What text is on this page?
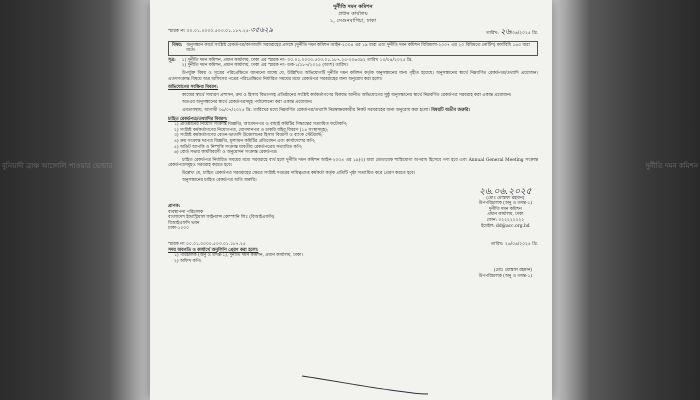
বুনিয়াদী ব্রাঞ্চ আঙ্গোলি পাওয়ার ভেন্ডার	দুর্নীতি দমন কমিশন
দুর্নীতি দমন কমিশন
প্রধান কার্যালয়
১, সেগুনবাগিচা, ঢাকা
স্মারক নং ০০.০১.০০০০.৫০৩.০১.১৮৭.২৫-৩৫৬২৯	তারিখ: ২৬/০৬/২০২৫ খ্রি.
বিষয়: অনুসন্ধান কার্যে সংশ্লিষ্ট রেকর্ডপত্র/কাগজাদি সরবরাহের প্রসঙ্গে (দুর্নীতি দমন কমিশন আইন-২০০৪ এর ১৯ ধারা এবং দুর্নীতি দমন কমিশন বিধিমালা-২০০৭ এর ২০ বিধিমতে নোটিশ) কার্যবিধি ১৬০ ধারা মতে।
সূত্র: ১) দুর্নীতি দমন কমিশন, প্রধান কার্যালয়, ঢাকা এর স্মারক নং- ০০.০১.০০০০.৫০৩.০১.১৮৭.২৫-২০৬৩৯২ তারিখ ১০/০৪/২০২৫ খ্রি.
২) দুর্নীতি দমন কমিশন, প্রধান কার্যালয়, ঢাকা এর স্মারক নং- ডক-১/১৮৭/২০২৫ (অংশ) তারিখ।

উপর্যুক্ত বিষয় ও সূত্রের পরিপ্রেক্ষিতে জানানো যাচ্ছে যে, উল্লিখিত অভিযোগটি দুর্নীতি দমন কমিশন কর্তৃক অনুসন্ধানের জন্য গৃহীত হয়েছে। অনুসন্ধানের স্বার্থে নিম্নবর্ণিত রেকর্ডপত্র/তথ্যাদি প্রয়োজন। এতদসংক্রান্ত বিষয়ে অত্র অফিসের পত্রের পরিপ্রেক্ষিতে নির্ধারিত সময়ের মধ্যে রেকর্ডপত্র সরবরাহের জন্য অনুরোধ করা হলো।

অভিযোগের সংক্ষিপ্ত বিবরণ:

কাজের স্বার্থে সাধারণ প্রশাসন, ক্রয় ও হিসাব বিভাগসহ প্রতিষ্ঠানের সংশ্লিষ্ট কর্মকর্তাগণের বিরুদ্ধে আনীত অভিযোগের সুষ্ঠু অনুসন্ধানের স্বার্থে নিম্নবর্ণিত রেকর্ডপত্র সরবরাহ করা একান্ত প্রয়োজন।

অতএব অনুসন্ধানের স্বার্থে রেকর্ডপত্রসমূহ পর্যালোচনা করা একান্ত প্রয়োজন।

এমতাবস্থায়, আগামী ০৬/০৭/২০২৫ খ্রি. তারিখের মধ্যে নিম্নবর্ণিত রেকর্ডপত্র/তথ্যাদি নিম্নস্বাক্ষরকারীর নিকট সরবরাহের জন্য অনুরোধ করা হলো। বিষয়টি অতীব জরুরি।

চাহিত রেকর্ডপত্র/তথ্যাদির বিবরণ:
১) প্রতিষ্ঠানের নিয়োগ সংক্রান্ত বিজ্ঞপ্তি, আবেদনপত্র ও বাছাই কমিটির সিদ্ধান্তের সত্যায়িত ফটোকপি;
২) সংশ্লিষ্ট কর্মকর্তাগণের নিয়োগপত্র, যোগদানপত্র ও চাকরি বহির বিবরণ (১৪ সংস্থাসমূহ);
৩) সংশ্লিষ্ট কর্মকর্তাগণের বেতন-ভাতাদি উত্তোলনের হিসাব বিবরণী ও ব্যাংক স্টেটমেন্ট;
৪) ক্রয় সংক্রান্ত দরপত্র বিজ্ঞপ্তি, মূল্যায়ন কমিটির প্রতিবেদন এবং কার্যাদেশের কপি;
৫) অডিট আপত্তি ও নিষ্পত্তি সংক্রান্ত যাবতীয় রেকর্ডপত্রের সত্যায়িত কপি;
৬) বোর্ড সভার কার্যবিবরণী ও অনুমোদন সংক্রান্ত রেকর্ডপত্র।

চাহিত রেকর্ডপত্র নির্ধারিত সময়ের মধ্যে সরবরাহে ব্যর্থ হলে দুর্নীতি দমন কমিশন আইন-২০০৪ এর ১৯(৩) ধারা মোতাবেক শাস্তিযোগ্য অপরাধ হিসেবে গণ্য হবে এবং Annual General Meeting সংক্রান্ত রেকর্ডপত্রসমূহও সরবরাহ করতে হবে।

উল্লেখ্য যে, চাহিত রেকর্ডপত্র সরবরাহের ক্ষেত্রে সংশ্লিষ্ট দপ্তরের দায়িত্বপ্রাপ্ত কর্মকর্তা কর্তৃক প্রতিটি পৃষ্ঠা সত্যায়িত করে প্রেরণ করতে হবে।

অনুসন্ধানের চাহিত রেকর্ডপত্র অতি জরুরি।

২৬.০৬.২০২৫
(মোঃ মোস্তফা রহমান)
উপপরিচালক (অনু ও তদন্ত-১)
দুর্নীতি দমন কমিশন
প্রধান কার্যালয়, ঢাকা
ফোন: ০২২২২২২২২
ইমেইল: dd@acc.org.bd
প্রাপক:
ব্যবস্থাপনা পরিচালক
বাংলাদেশ ইন্ডাস্ট্রিয়াল ফাইন্যান্স কোম্পানি লিঃ (বিআইএফসি)
বিআইএফসি ভবন
ঢাকা-১০০০
স্মারক নং ০০.০১.০০০০.৫০৩.০১.১৮৭.২৫	তারিখ: ২৬/০৬/২০২৫ খ্রি.
সদয় অবগতি ও কার্যার্থে অনুলিপি প্রেরণ করা হলো:
১) পরিচালক (অনু ও তদন্ত-১), দুর্নীতি দমন কমিশন, প্রধান কার্যালয়, ঢাকা।
২) অফিস কপি।
(মোঃ মোস্তফা রহমান)
উপপরিচালক (অনু ও তদন্ত-১)
